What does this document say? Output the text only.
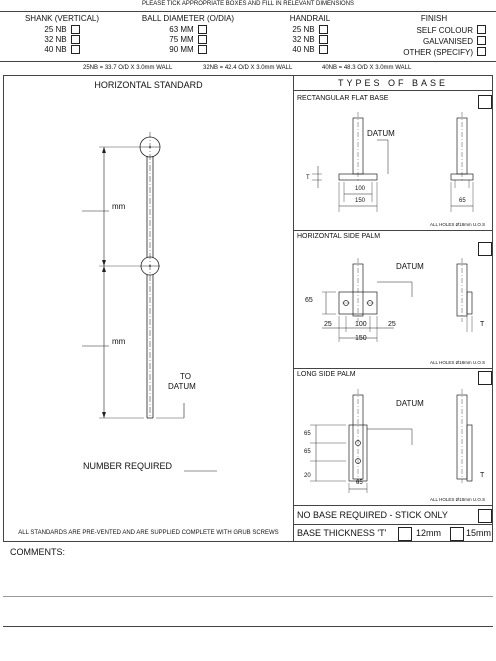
PLEASE TICK APPROPRIATE BOXES AND FILL IN RELEVANT DIMENSIONS
SHANK (VERTICAL)
25 NB
32 NB
40 NB
BALL DIAMETER (O/DIA)
63 MM
75 MM
90 MM
HANDRAIL
25 NB
32 NB
40 NB
FINISH
SELF COLOUR
GALVANISED
OTHER (SPECIFY)
25NB = 33.7 O/D X 3.0mm WALL	32NB = 42.4 O/D X 3.0mm WALL	40NB = 48.3 O/D X 3.0mm WALL
HORIZONTAL STANDARD
mm
mm
TO
DATUM
NUMBER REQUIRED
ALL STANDARDS ARE PRE-VENTED AND ARE SUPPLIED COMPLETE WITH GRUB SCREWS
TYPES OF BASE
RECTANGULAR FLAT BASE
DATUM
100
150	65
T
ALL HOLES Ø18mm U.O.S
HORIZONTAL SIDE PALM
DATUM
65
25	100	25
150
T
ALL HOLES Ø18mm U.O.S
LONG SIDE PALM
DATUM
65
65
20
65
T
ALL HOLES Ø18mm U.O.S
NO BASE REQUIRED - STICK ONLY
BASE THICKNESS 'T'	12mm	15mm
COMMENTS:
